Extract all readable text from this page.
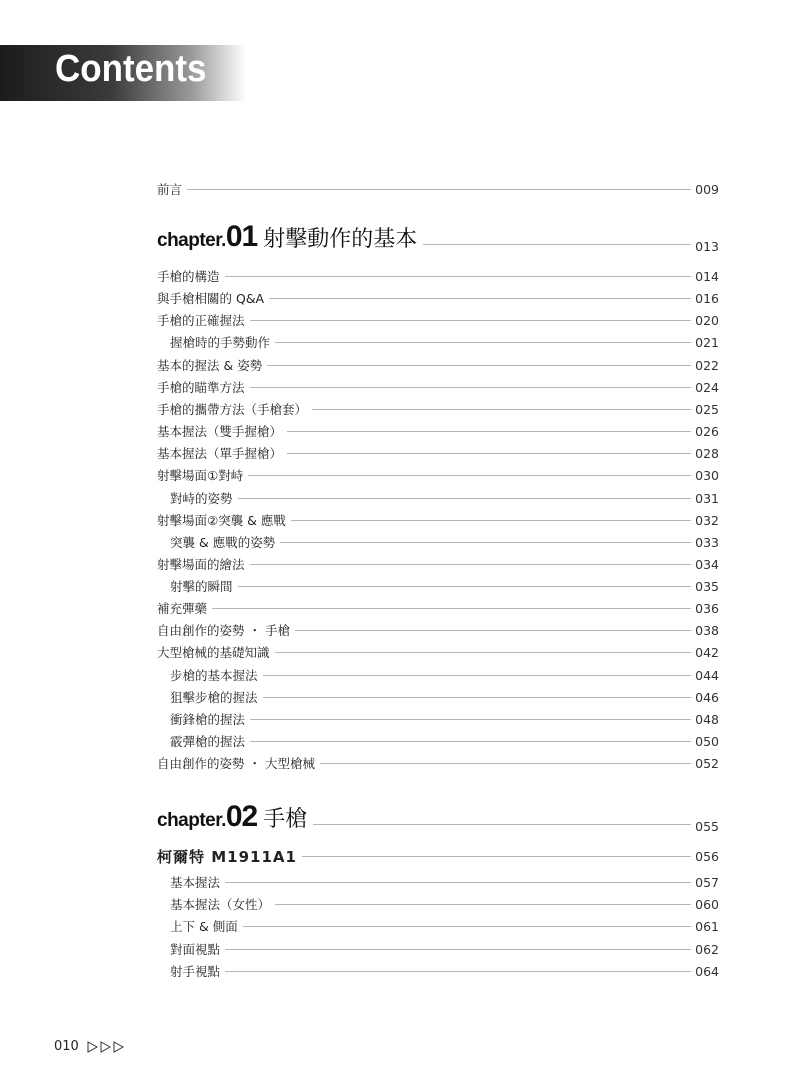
Contents
前言	009
chapter. 01 射擊動作的基本	013
手槍的構造	014
與手槍相關的 Q&A	016
手槍的正確握法	020
握槍時的手勢動作	021
基本的握法 & 姿勢	022
手槍的瞄準方法	024
手槍的攜帶方法（手槍套）	025
基本握法（雙手握槍）	026
基本握法（單手握槍）	028
射擊場面①對峙	030
對峙的姿勢	031
射擊場面②突襲 & 應戰	032
突襲 & 應戰的姿勢	033
射擊場面的繪法	034
射擊的瞬間	035
補充彈藥	036
自由創作的姿勢 ・ 手槍	038
大型槍械的基礎知識	042
步槍的基本握法	044
狙擊步槍的握法	046
衝鋒槍的握法	048
霰彈槍的握法	050
自由創作的姿勢 ・ 大型槍械	052
chapter. 02 手槍	055
柯爾特 M1911A1	056
基本握法	057
基本握法（女性）	060
上下 & 側面	061
對面視點	062
射手視點	064
010
